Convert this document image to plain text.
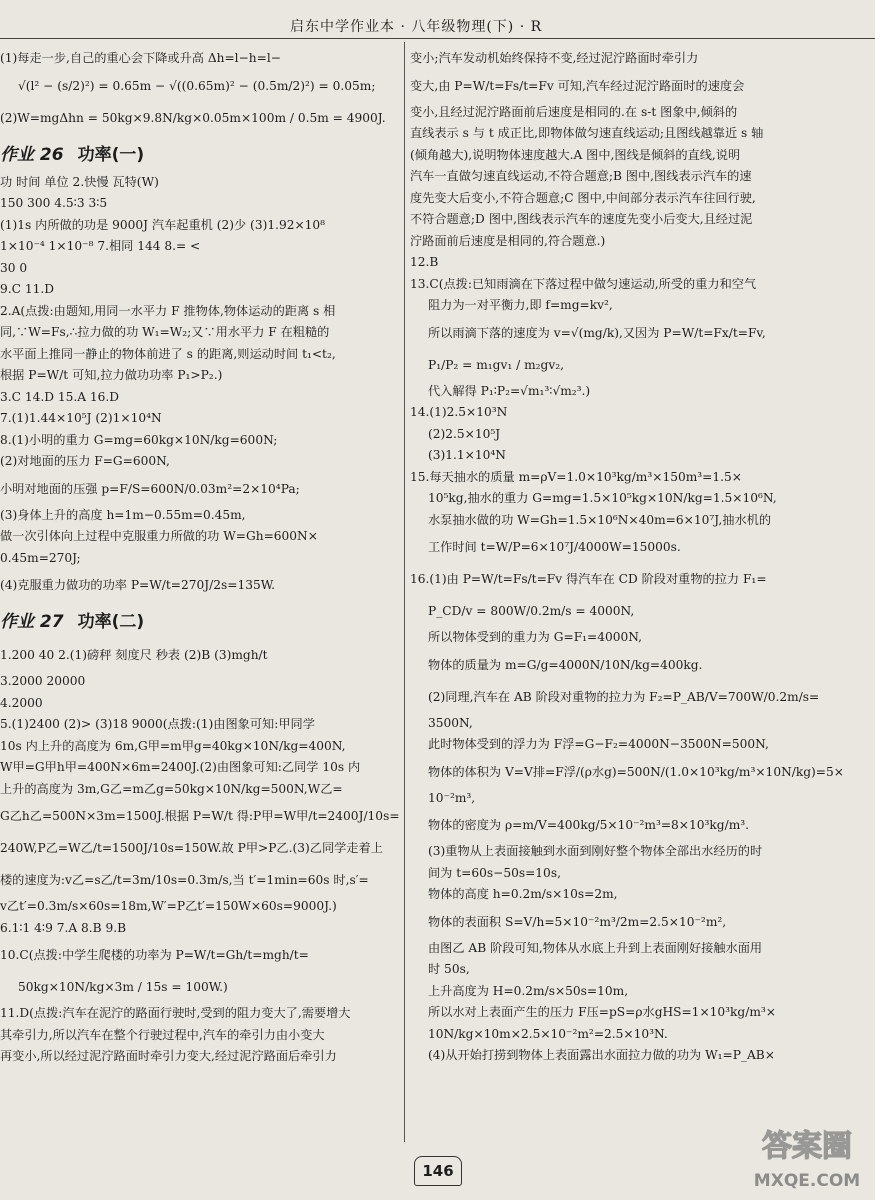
启东中学作业本 · 八年级物理(下) · R
(1)每走一步,自己的重心会下降或升高 Δh=l−h=l−
√(l² − (s/2)²) = 0.65m − √((0.65m)² − (0.5m/2)²) = 0.05m;
(2)W=mgΔhn = 50kg×9.8N/kg×0.05m×100m / 0.5m = 4900J.
作业 26 功率(一)
功 时间 单位 2.快慢 瓦特(W)
150 300 4.5∶3 3∶5
(1)1s 内所做的功是 9000J 汽车起重机 (2)少 (3)1.92×10⁸
1×10⁻⁴ 1×10⁻⁸ 7.相同 144 8.= <
30 0
9.C 11.D
2.A(点拨:由题知,用同一水平力 F 推物体,物体运动的距离 s 相
同,∵W=Fs,∴拉力做的功 W₁=W₂;又∵用水平力 F 在粗糙的
水平面上推同一静止的物体前进了 s 的距离,则运动时间 t₁<t₂,
根据 P=W/t 可知,拉力做功功率 P₁>P₂.)
3.C 14.D 15.A 16.D
7.(1)1.44×10⁵J (2)1×10⁴N
8.(1)小明的重力 G=mg=60kg×10N/kg=600N;
(2)对地面的压力 F=G=600N,
小明对地面的压强 p=F/S=600N/0.03m²=2×10⁴Pa;
(3)身体上升的高度 h=1m−0.55m=0.45m,
做一次引体向上过程中克服重力所做的功 W=Gh=600N×
0.45m=270J;
(4)克服重力做功的功率 P=W/t=270J/2s=135W.
作业 27 功率(二)
1.200 40 2.(1)磅秤 刻度尺 秒表 (2)B (3)mgh/t
3.2000 20000
4.2000
5.(1)2400 (2)> (3)18 9000(点拨:(1)由图象可知:甲同学
10s 内上升的高度为 6m,G甲=m甲g=40kg×10N/kg=400N,
W甲=G甲h甲=400N×6m=2400J.(2)由图象可知:乙同学 10s 内
上升的高度为 3m,G乙=m乙g=50kg×10N/kg=500N,W乙=
G乙h乙=500N×3m=1500J.根据 P=W/t 得:P甲=W甲/t=2400J/10s=
240W,P乙=W乙/t=1500J/10s=150W.故 P甲>P乙.(3)乙同学走着上
楼的速度为:v乙=s乙/t=3m/10s=0.3m/s,当 t′=1min=60s 时,s′=
v乙t′=0.3m/s×60s=18m,W′=P乙t′=150W×60s=9000J.)
6.1∶1 4∶9 7.A 8.B 9.B
10.C(点拨:中学生爬楼的功率为 P=W/t=Gh/t=mgh/t=
50kg×10N/kg×3m / 15s = 100W.)
11.D(点拨:汽车在泥泞的路面行驶时,受到的阻力变大了,需要增大
其牵引力,所以汽车在整个行驶过程中,汽车的牵引力由小变大
再变小,所以经过泥泞路面时牵引力变大,经过泥泞路面后牵引力
变小;汽车发动机始终保持不变,经过泥泞路面时牵引力
变大,由 P=W/t=Fs/t=Fv 可知,汽车经过泥泞路面时的速度会
变小,且经过泥泞路面前后速度是相同的.在 s-t 图象中,倾斜的
直线表示 s 与 t 成正比,即物体做匀速直线运动;且图线越靠近 s 轴
(倾角越大),说明物体速度越大.A 图中,图线是倾斜的直线,说明
汽车一直做匀速直线运动,不符合题意;B 图中,图线表示汽车的速
度先变大后变小,不符合题意;C 图中,中间部分表示汽车往回行驶,
不符合题意;D 图中,图线表示汽车的速度先变小后变大,且经过泥
泞路面前后速度是相同的,符合题意.)
12.B
13.C(点拨:已知雨滴在下落过程中做匀速运动,所受的重力和空气
阻力为一对平衡力,即 f=mg=kv²,
所以雨滴下落的速度为 v=√(mg/k),又因为 P=W/t=Fx/t=Fv,
P₁/P₂ = m₁gv₁ / m₂gv₂,
代入解得 P₁∶P₂=√m₁³∶√m₂³.)
14.(1)2.5×10³N
(2)2.5×10⁵J
(3)1.1×10⁴N
15.每天抽水的质量 m=ρV=1.0×10³kg/m³×150m³=1.5×
10⁵kg,抽水的重力 G=mg=1.5×10⁵kg×10N/kg=1.5×10⁶N,
水泵抽水做的功 W=Gh=1.5×10⁶N×40m=6×10⁷J,抽水机的
工作时间 t=W/P=6×10⁷J/4000W=15000s.
16.(1)由 P=W/t=Fs/t=Fv 得汽车在 CD 阶段对重物的拉力 F₁=
P_CD/v = 800W/0.2m/s = 4000N,
所以物体受到的重力为 G=F₁=4000N,
物体的质量为 m=G/g=4000N/10N/kg=400kg.
(2)同理,汽车在 AB 阶段对重物的拉力为 F₂=P_AB/V=700W/0.2m/s=
3500N,
此时物体受到的浮力为 F浮=G−F₂=4000N−3500N=500N,
物体的体积为 V=V排=F浮/(ρ水g)=500N/(1.0×10³kg/m³×10N/kg)=5×
10⁻²m³,
物体的密度为 ρ=m/V=400kg/5×10⁻²m³=8×10³kg/m³.
(3)重物从上表面接触到水面到刚好整个物体全部出水经历的时
间为 t=60s−50s=10s,
物体的高度 h=0.2m/s×10s=2m,
物体的表面积 S=V/h=5×10⁻²m³/2m=2.5×10⁻²m²,
由图乙 AB 阶段可知,物体从水底上升到上表面刚好接触水面用
时 50s,
上升高度为 H=0.2m/s×50s=10m,
所以水对上表面产生的压力 F压=pS=ρ水gHS=1×10³kg/m³×
10N/kg×10m×2.5×10⁻²m²=2.5×10³N.
(4)从开始打捞到物体上表面露出水面拉力做的功为 W₁=P_AB×
146
答案圈
MXQE.COM
